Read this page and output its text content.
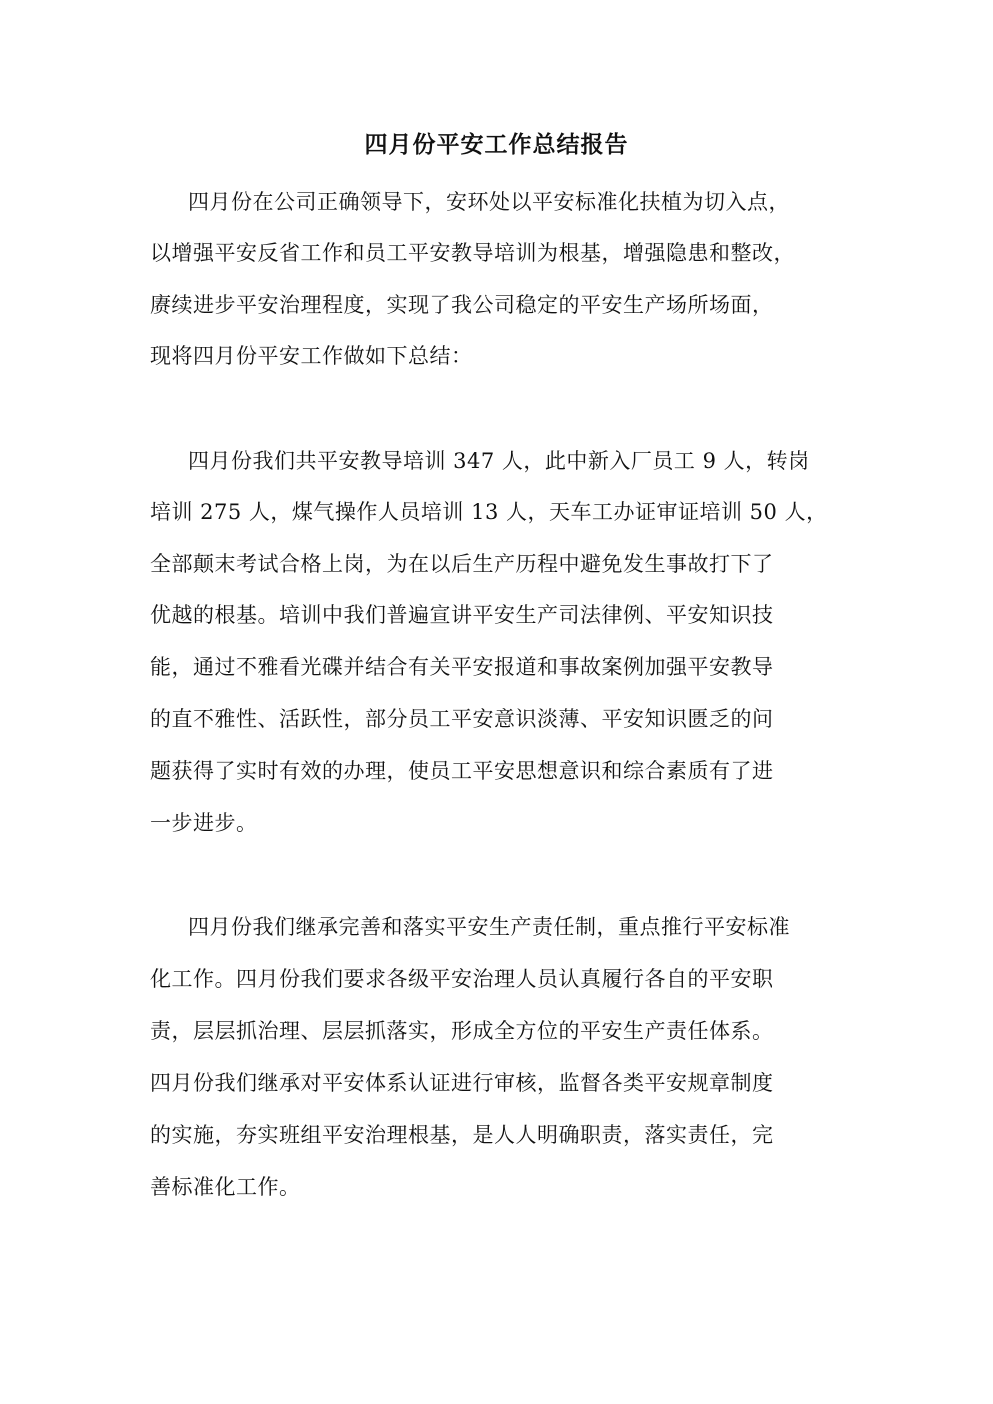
四月份平安工作总结报告
四月份在公司正确领导下，安环处以平安标准化扶植为切入点，
以增强平安反省工作和员工平安教导培训为根基，增强隐患和整改，
赓续进步平安治理程度，实现了我公司稳定的平安生产场所场面，
现将四月份平安工作做如下总结：
四月份我们共平安教导培训 347 人，此中新入厂员工 9 人，转岗
培训 275 人，煤气操作人员培训 13 人，天车工办证审证培训 50 人，
全部颠末考试合格上岗，为在以后生产历程中避免发生事故打下了
优越的根基。培训中我们普遍宣讲平安生产司法律例、平安知识技
能，通过不雅看光碟并结合有关平安报道和事故案例加强平安教导
的直不雅性、活跃性，部分员工平安意识淡薄、平安知识匮乏的问
题获得了实时有效的办理，使员工平安思想意识和综合素质有了进
一步进步。
四月份我们继承完善和落实平安生产责任制，重点推行平安标准
化工作。四月份我们要求各级平安治理人员认真履行各自的平安职
责，层层抓治理、层层抓落实，形成全方位的平安生产责任体系。
四月份我们继承对平安体系认证进行审核，监督各类平安规章制度
的实施，夯实班组平安治理根基，是人人明确职责，落实责任，完
善标准化工作。
